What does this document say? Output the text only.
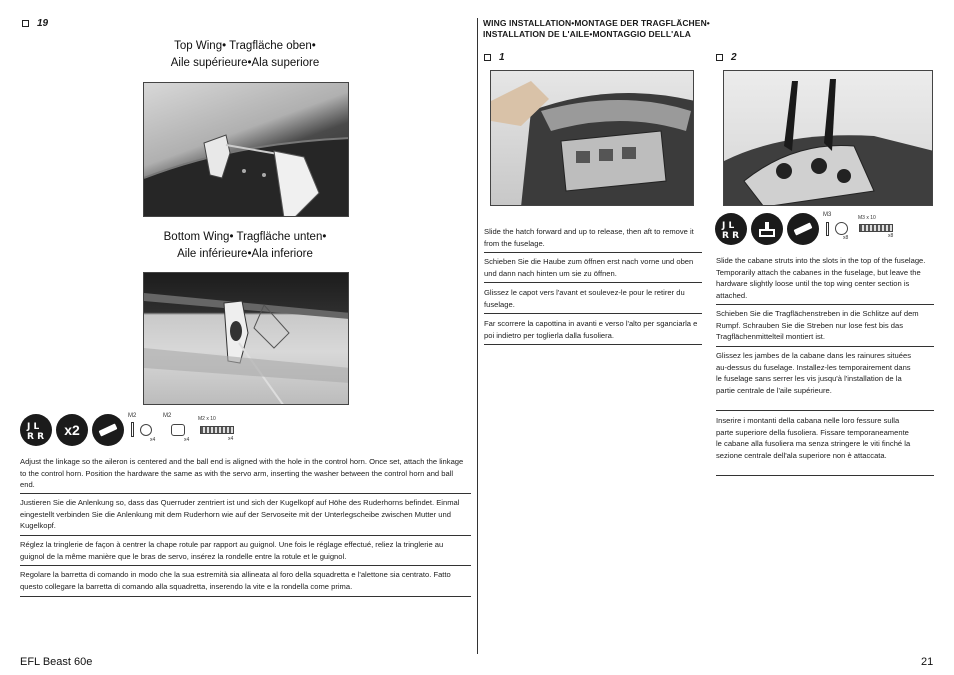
19
Top Wing• Tragfläche oben•
Aile supérieure•Ala superiore
Bottom Wing• Tragfläche unten•
Aile inférieure•Ala inferiore
J L
R R x2
M2
x4
M2
x4
M2 x 10
x4
Adjust the linkage so the aileron is centered and the ball end is aligned with the hole in the control horn. Once set, attach the linkage to the control horn. Position the hardware the same as with the servo arm, inserting the washer between the control horn and ball end.
Justieren Sie die Anlenkung so, dass das Querruder zentriert ist und sich der Kugelkopf auf Höhe des Ruderhorns befindet. Einmal eingestellt verbinden Sie die Anlenkung mit dem Ruderhorn wie auf der Servoseite mit der Unterlegscheibe zwischen Mutter und Kugelkopf.
Réglez la tringlerie de façon à centrer la chape rotule par rapport au guignol. Une fois le réglage effectué, reliez la tringlerie au guignol de la même manière que le bras de servo, insérez la rondelle entre la rotule et le guignol.
Regolare la barretta di comando in modo che la sua estremità sia allineata al foro della squadretta e l'alettone sia centrato. Fatto questo collegare la barretta di comando alla squadretta, inserendo la vite e la rondella come prima.
EFL Beast 60e
WING INSTALLATION•MONTAGE DER TRAGFLÄCHEN•
INSTALLATION DE L'AILE•MONTAGGIO DELL'ALA
1
Slide the hatch forward and up to release, then aft to remove it from the fuselage.
Schieben Sie die Haube zum öffnen erst nach vorne und oben und dann nach hinten um sie zu öffnen.
Glissez le capot vers l'avant et soulevez-le pour le retirer du fuselage.
Far scorrere la capottina in avanti e verso l'alto per sganciarla e poi indietro per toglierla dalla fusoliera.
2
J L
R R
M3
x8
M3 x 10
x8
Slide the cabane struts into the slots in the top of the fuselage. Temporarily attach the cabanes in the fuselage, but leave the hardware slightly loose until the top wing center section is attached.
Schieben Sie die Tragflächenstreben in die Schlitze auf dem Rumpf. Schrauben Sie die Streben nur lose fest bis das Tragflächenmittelteil montiert ist.
Glissez les jambes de la cabane dans les rainures situées au-dessus du fuselage. Installez-les temporairement dans le fuselage sans serrer les vis jusqu'à l'installation de la partie centrale de l'aile supérieure.
Inserire i montanti della cabana nelle loro fessure sulla parte superiore della fusoliera. Fissare temporaneamente le cabane alla fusoliera ma senza stringere le viti finché la sezione centrale dell'ala superiore non è attaccata.
21
